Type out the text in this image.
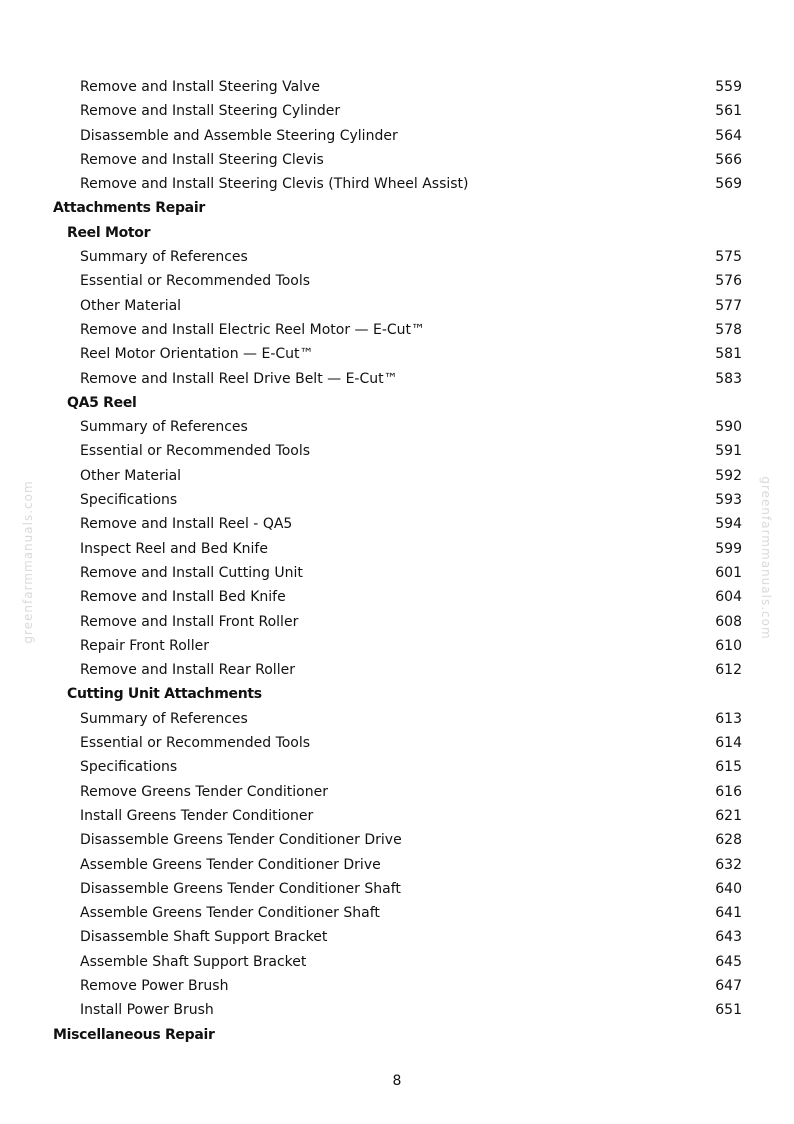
Remove and Install Steering Valve	559
Remove and Install Steering Cylinder	561
Disassemble and Assemble Steering Cylinder	564
Remove and Install Steering Clevis	566
Remove and Install Steering Clevis (Third Wheel Assist)	569
Attachments Repair
Reel Motor
Summary of References	575
Essential or Recommended Tools	576
Other Material	577
Remove and Install Electric Reel Motor — E-Cut™	578
Reel Motor Orientation — E-Cut™	581
Remove and Install Reel Drive Belt — E-Cut™	583
QA5 Reel
Summary of References	590
Essential or Recommended Tools	591
Other Material	592
Specifications	593
Remove and Install Reel - QA5	594
Inspect Reel and Bed Knife	599
Remove and Install Cutting Unit	601
Remove and Install Bed Knife	604
Remove and Install Front Roller	608
Repair Front Roller	610
Remove and Install Rear Roller	612
Cutting Unit Attachments
Summary of References	613
Essential or Recommended Tools	614
Specifications	615
Remove Greens Tender Conditioner	616
Install Greens Tender Conditioner	621
Disassemble Greens Tender Conditioner Drive	628
Assemble Greens Tender Conditioner Drive	632
Disassemble Greens Tender Conditioner Shaft	640
Assemble Greens Tender Conditioner Shaft	641
Disassemble Shaft Support Bracket	643
Assemble Shaft Support Bracket	645
Remove Power Brush	647
Install Power Brush	651
Miscellaneous Repair
8
greenfarmmanuals.com	greenfarmmanuals.com
